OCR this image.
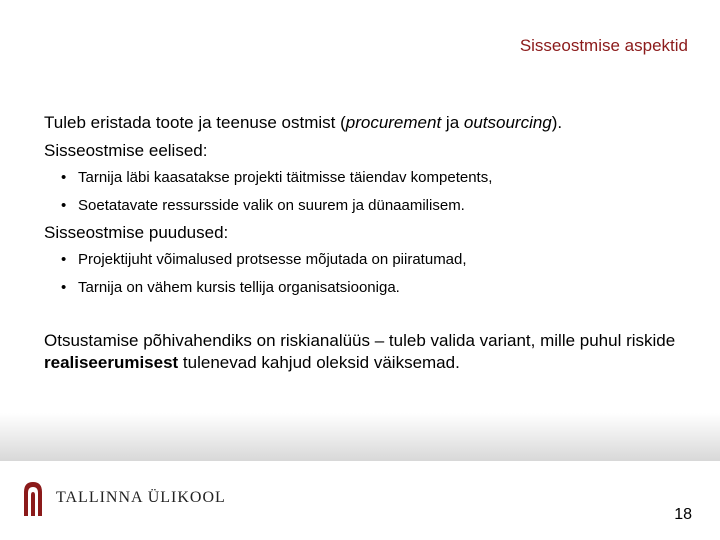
Sisseostmise aspektid

Tuleb eristada toote ja teenuse ostmist (procurement ja outsourcing).

Sisseostmise eelised:

• Tarnija läbi kaasatakse projekti täitmisse täiendav kompetents,

• Soetatavate ressursside valik on suurem ja dünaamilisem.

Sisseostmise puudused:

• Projektijuht võimalused protsesse mõjutada on piiratumad,

• Tarnija on vähem kursis tellija organisatsiooniga.

Otsustamise põhivahendiks on riskianalüüs – tuleb valida variant, mille puhul riskide realiseerumisest tulenevad kahjud oleksid väiksemad.

TALLINNA ÜLIKOOL
18
